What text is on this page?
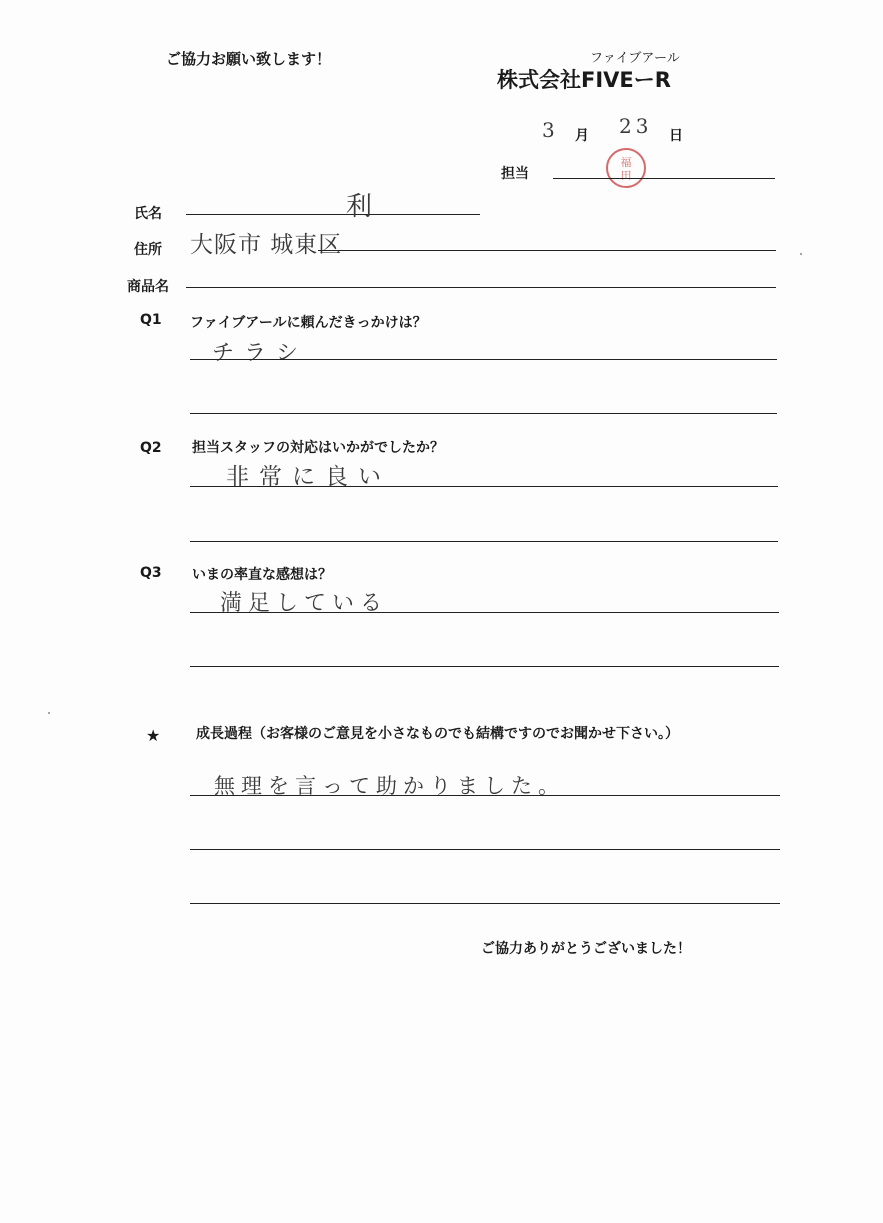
ご協力お願い致します！	ファイブアール
株式会社FIVEーR
3 月 23 日
担当
福
田
氏名	利
住所 大阪市 城東区
商品名
Q1 ファイブアールに頼んだきっかけは？
チラシ
Q2 担当スタッフの対応はいかがでしたか？
非常に良い
Q3 いまの率直な感想は？
満足している
★	成長過程（お客様のご意見を小さなものでも結構ですのでお聞かせ下さい。）
無理を言って助かりました。
ご協力ありがとうございました！
